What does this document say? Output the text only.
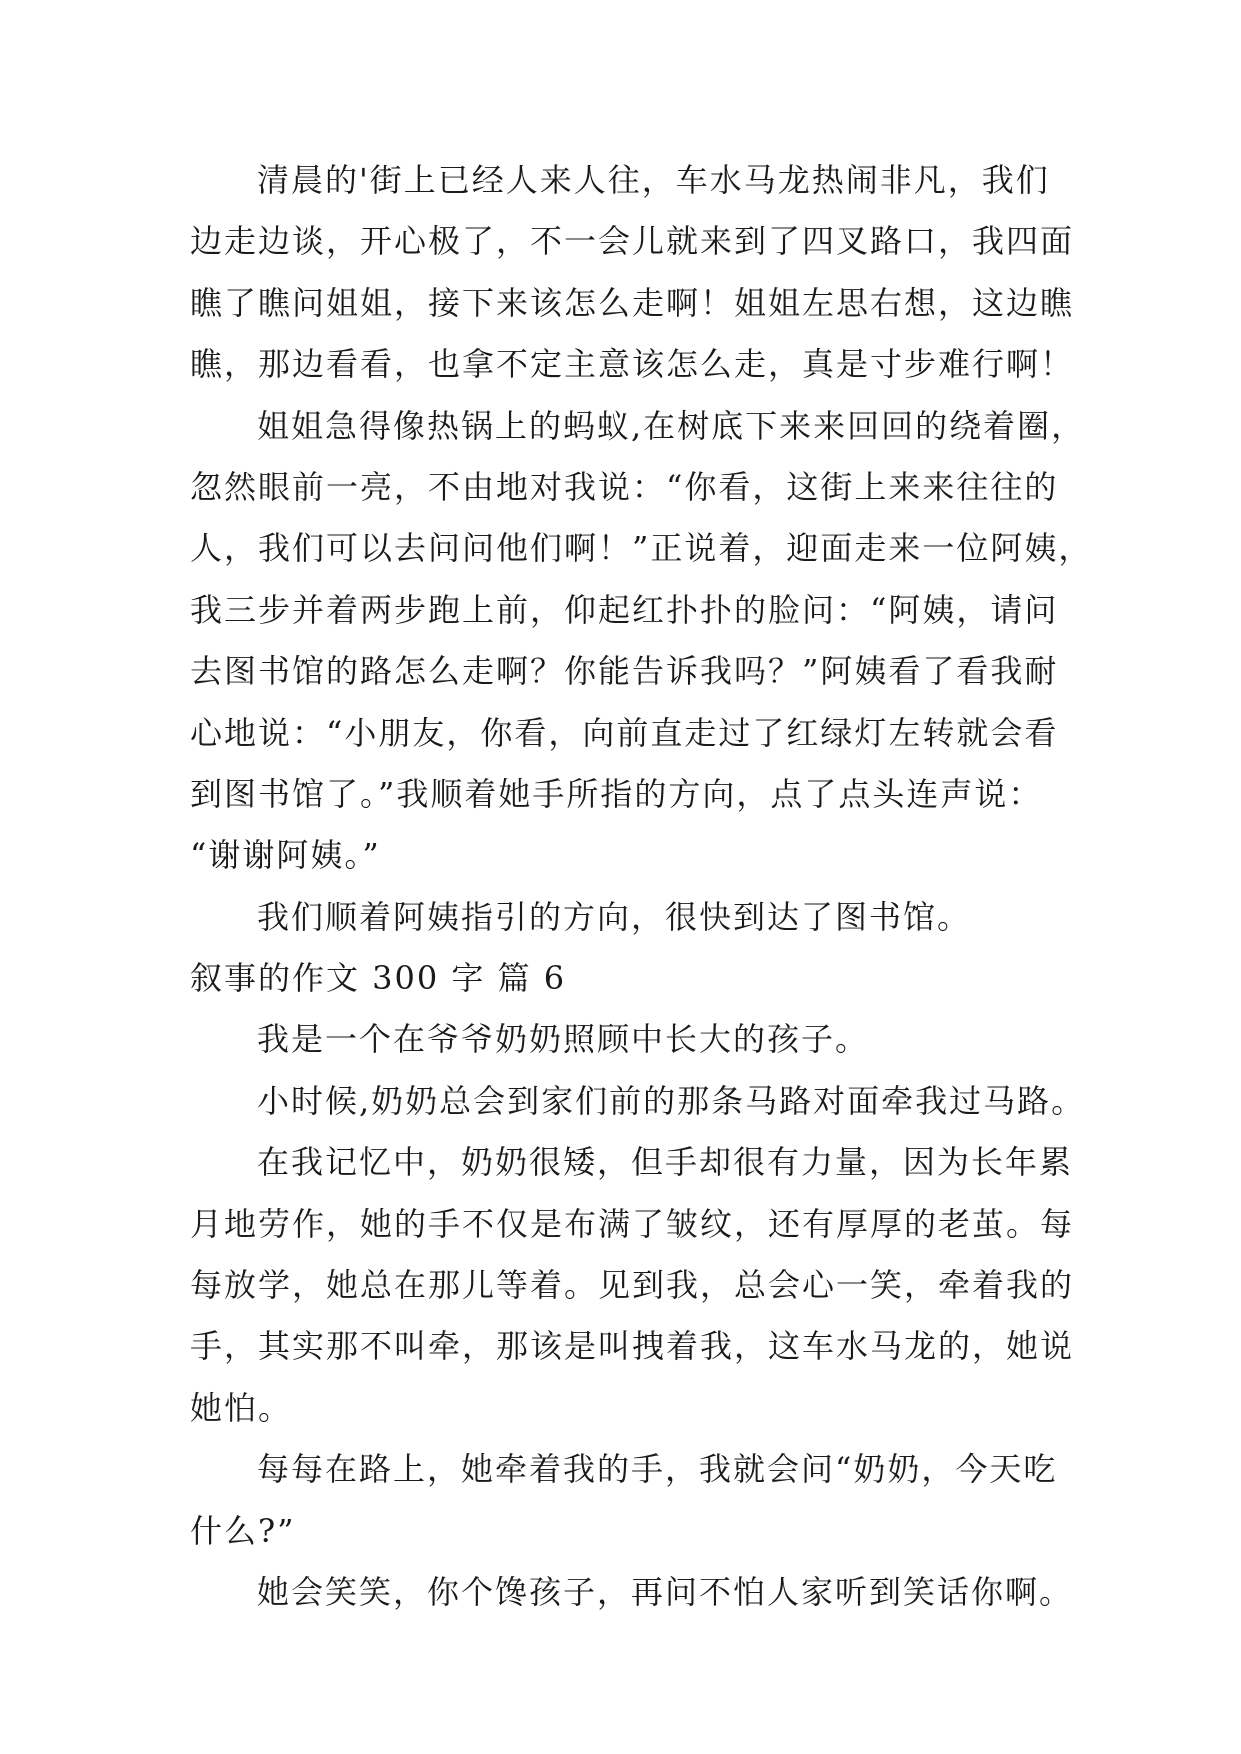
清晨的'街上已经人来人往，车水马龙热闹非凡，我们
边走边谈，开心极了，不一会儿就来到了四叉路口，我四面
瞧了瞧问姐姐，接下来该怎么走啊！姐姐左思右想，这边瞧
瞧，那边看看，也拿不定主意该怎么走，真是寸步难行啊！
姐姐急得像热锅上的蚂蚁,在树底下来来回回的绕着圈，
忽然眼前一亮，不由地对我说：“你看，这街上来来往往的
人，我们可以去问问他们啊！”正说着，迎面走来一位阿姨，
我三步并着两步跑上前，仰起红扑扑的脸问：“阿姨，请问
去图书馆的路怎么走啊？你能告诉我吗？”阿姨看了看我耐
心地说：“小朋友，你看，向前直走过了红绿灯左转就会看
到图书馆了。”我顺着她手所指的方向，点了点头连声说：
“谢谢阿姨。”
我们顺着阿姨指引的方向，很快到达了图书馆。
叙事的作文 300 字 篇 6
我是一个在爷爷奶奶照顾中长大的孩子。
小时候,奶奶总会到家们前的那条马路对面牵我过马路。
在我记忆中，奶奶很矮，但手却很有力量，因为长年累
月地劳作，她的手不仅是布满了皱纹，还有厚厚的老茧。每
每放学，她总在那儿等着。见到我，总会心一笑，牵着我的
手，其实那不叫牵，那该是叫拽着我，这车水马龙的，她说
她怕。
每每在路上，她牵着我的手，我就会问“奶奶，今天吃
什么?”
她会笑笑，你个馋孩子，再问不怕人家听到笑话你啊。
